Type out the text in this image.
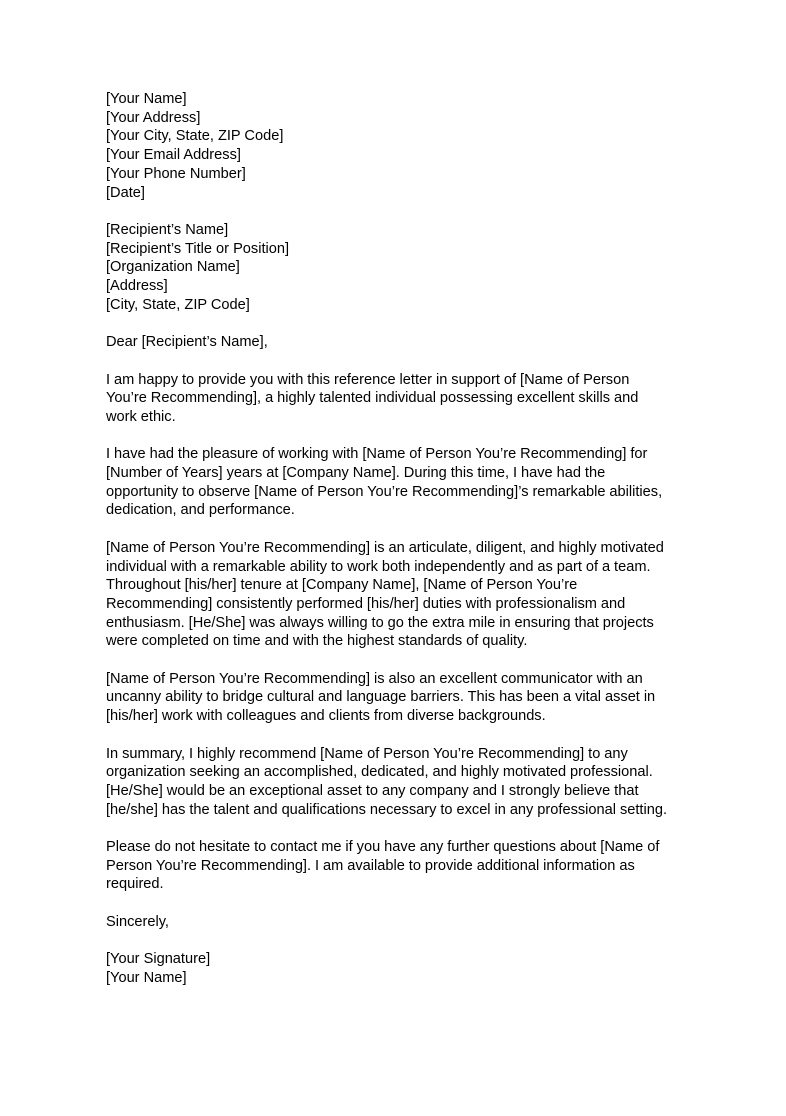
[Your Name]
[Your Address]
[Your City, State, ZIP Code]
[Your Email Address]
[Your Phone Number]
[Date]
[Recipient’s Name]
[Recipient’s Title or Position]
[Organization Name]
[Address]
[City, State, ZIP Code]

Dear [Recipient’s Name],

I am happy to provide you with this reference letter in support of [Name of Person You’re Recommending], a highly talented individual possessing excellent skills and work ethic.

I have had the pleasure of working with [Name of Person You’re Recommending] for [Number of Years] years at [Company Name]. During this time, I have had the opportunity to observe [Name of Person You’re Recommending]’s remarkable abilities, dedication, and performance.

[Name of Person You’re Recommending] is an articulate, diligent, and highly motivated individual with a remarkable ability to work both independently and as part of a team. Throughout [his/her] tenure at [Company Name], [Name of Person You’re Recommending] consistently performed [his/her] duties with professionalism and enthusiasm. [He/She] was always willing to go the extra mile in ensuring that projects were completed on time and with the highest standards of quality.

[Name of Person You’re Recommending] is also an excellent communicator with an uncanny ability to bridge cultural and language barriers. This has been a vital asset in [his/her] work with colleagues and clients from diverse backgrounds.

In summary, I highly recommend [Name of Person You’re Recommending] to any organization seeking an accomplished, dedicated, and highly motivated professional. [He/She] would be an exceptional asset to any company and I strongly believe that [he/she] has the talent and qualifications necessary to excel in any professional setting.

Please do not hesitate to contact me if you have any further questions about [Name of Person You’re Recommending]. I am available to provide additional information as required.

Sincerely,

[Your Signature]
[Your Name]
